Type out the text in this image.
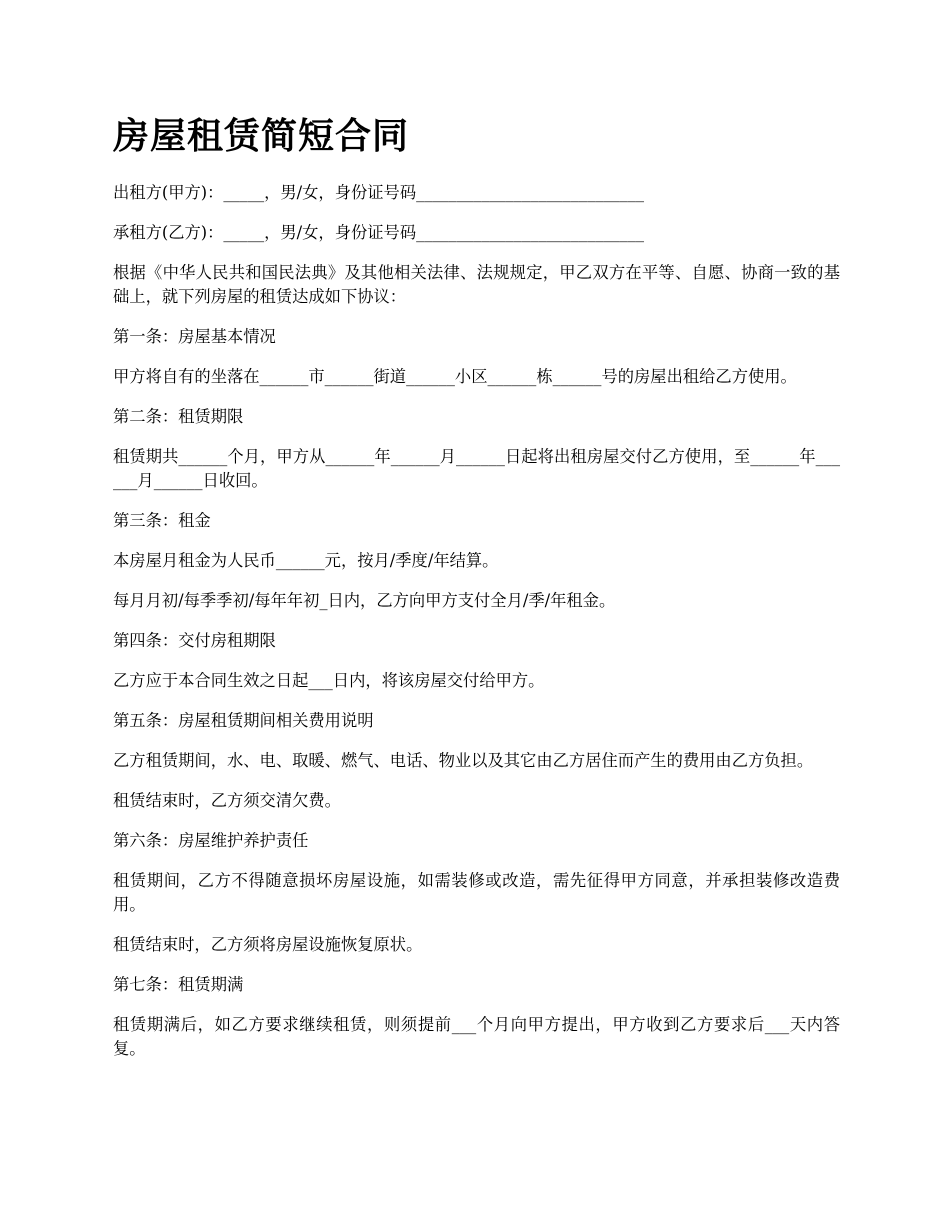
房屋租赁简短合同

出租方(甲方)：_____，男/女，身份证号码____________________________

承租方(乙方)：_____，男/女，身份证号码____________________________

根据《中华人民共和国民法典》及其他相关法律、法规规定，甲乙双方在平等、自愿、协商一致的基础上，就下列房屋的租赁达成如下协议：

第一条：房屋基本情况

甲方将自有的坐落在______市______街道______小区______栋______号的房屋出租给乙方使用。

第二条：租赁期限

租赁期共______个月，甲方从______年______月______日起将出租房屋交付乙方使用，至______年______月______日收回。

第三条：租金

本房屋月租金为人民币______元，按月/季度/年结算。

每月月初/每季季初/每年年初_日内，乙方向甲方支付全月/季/年租金。

第四条：交付房租期限

乙方应于本合同生效之日起___日内，将该房屋交付给甲方。

第五条：房屋租赁期间相关费用说明

乙方租赁期间，水、电、取暖、燃气、电话、物业以及其它由乙方居住而产生的费用由乙方负担。

租赁结束时，乙方须交清欠费。

第六条：房屋维护养护责任

租赁期间，乙方不得随意损坏房屋设施，如需装修或改造，需先征得甲方同意，并承担装修改造费用。

租赁结束时，乙方须将房屋设施恢复原状。

第七条：租赁期满

租赁期满后，如乙方要求继续租赁，则须提前___个月向甲方提出，甲方收到乙方要求后___天内答复。
